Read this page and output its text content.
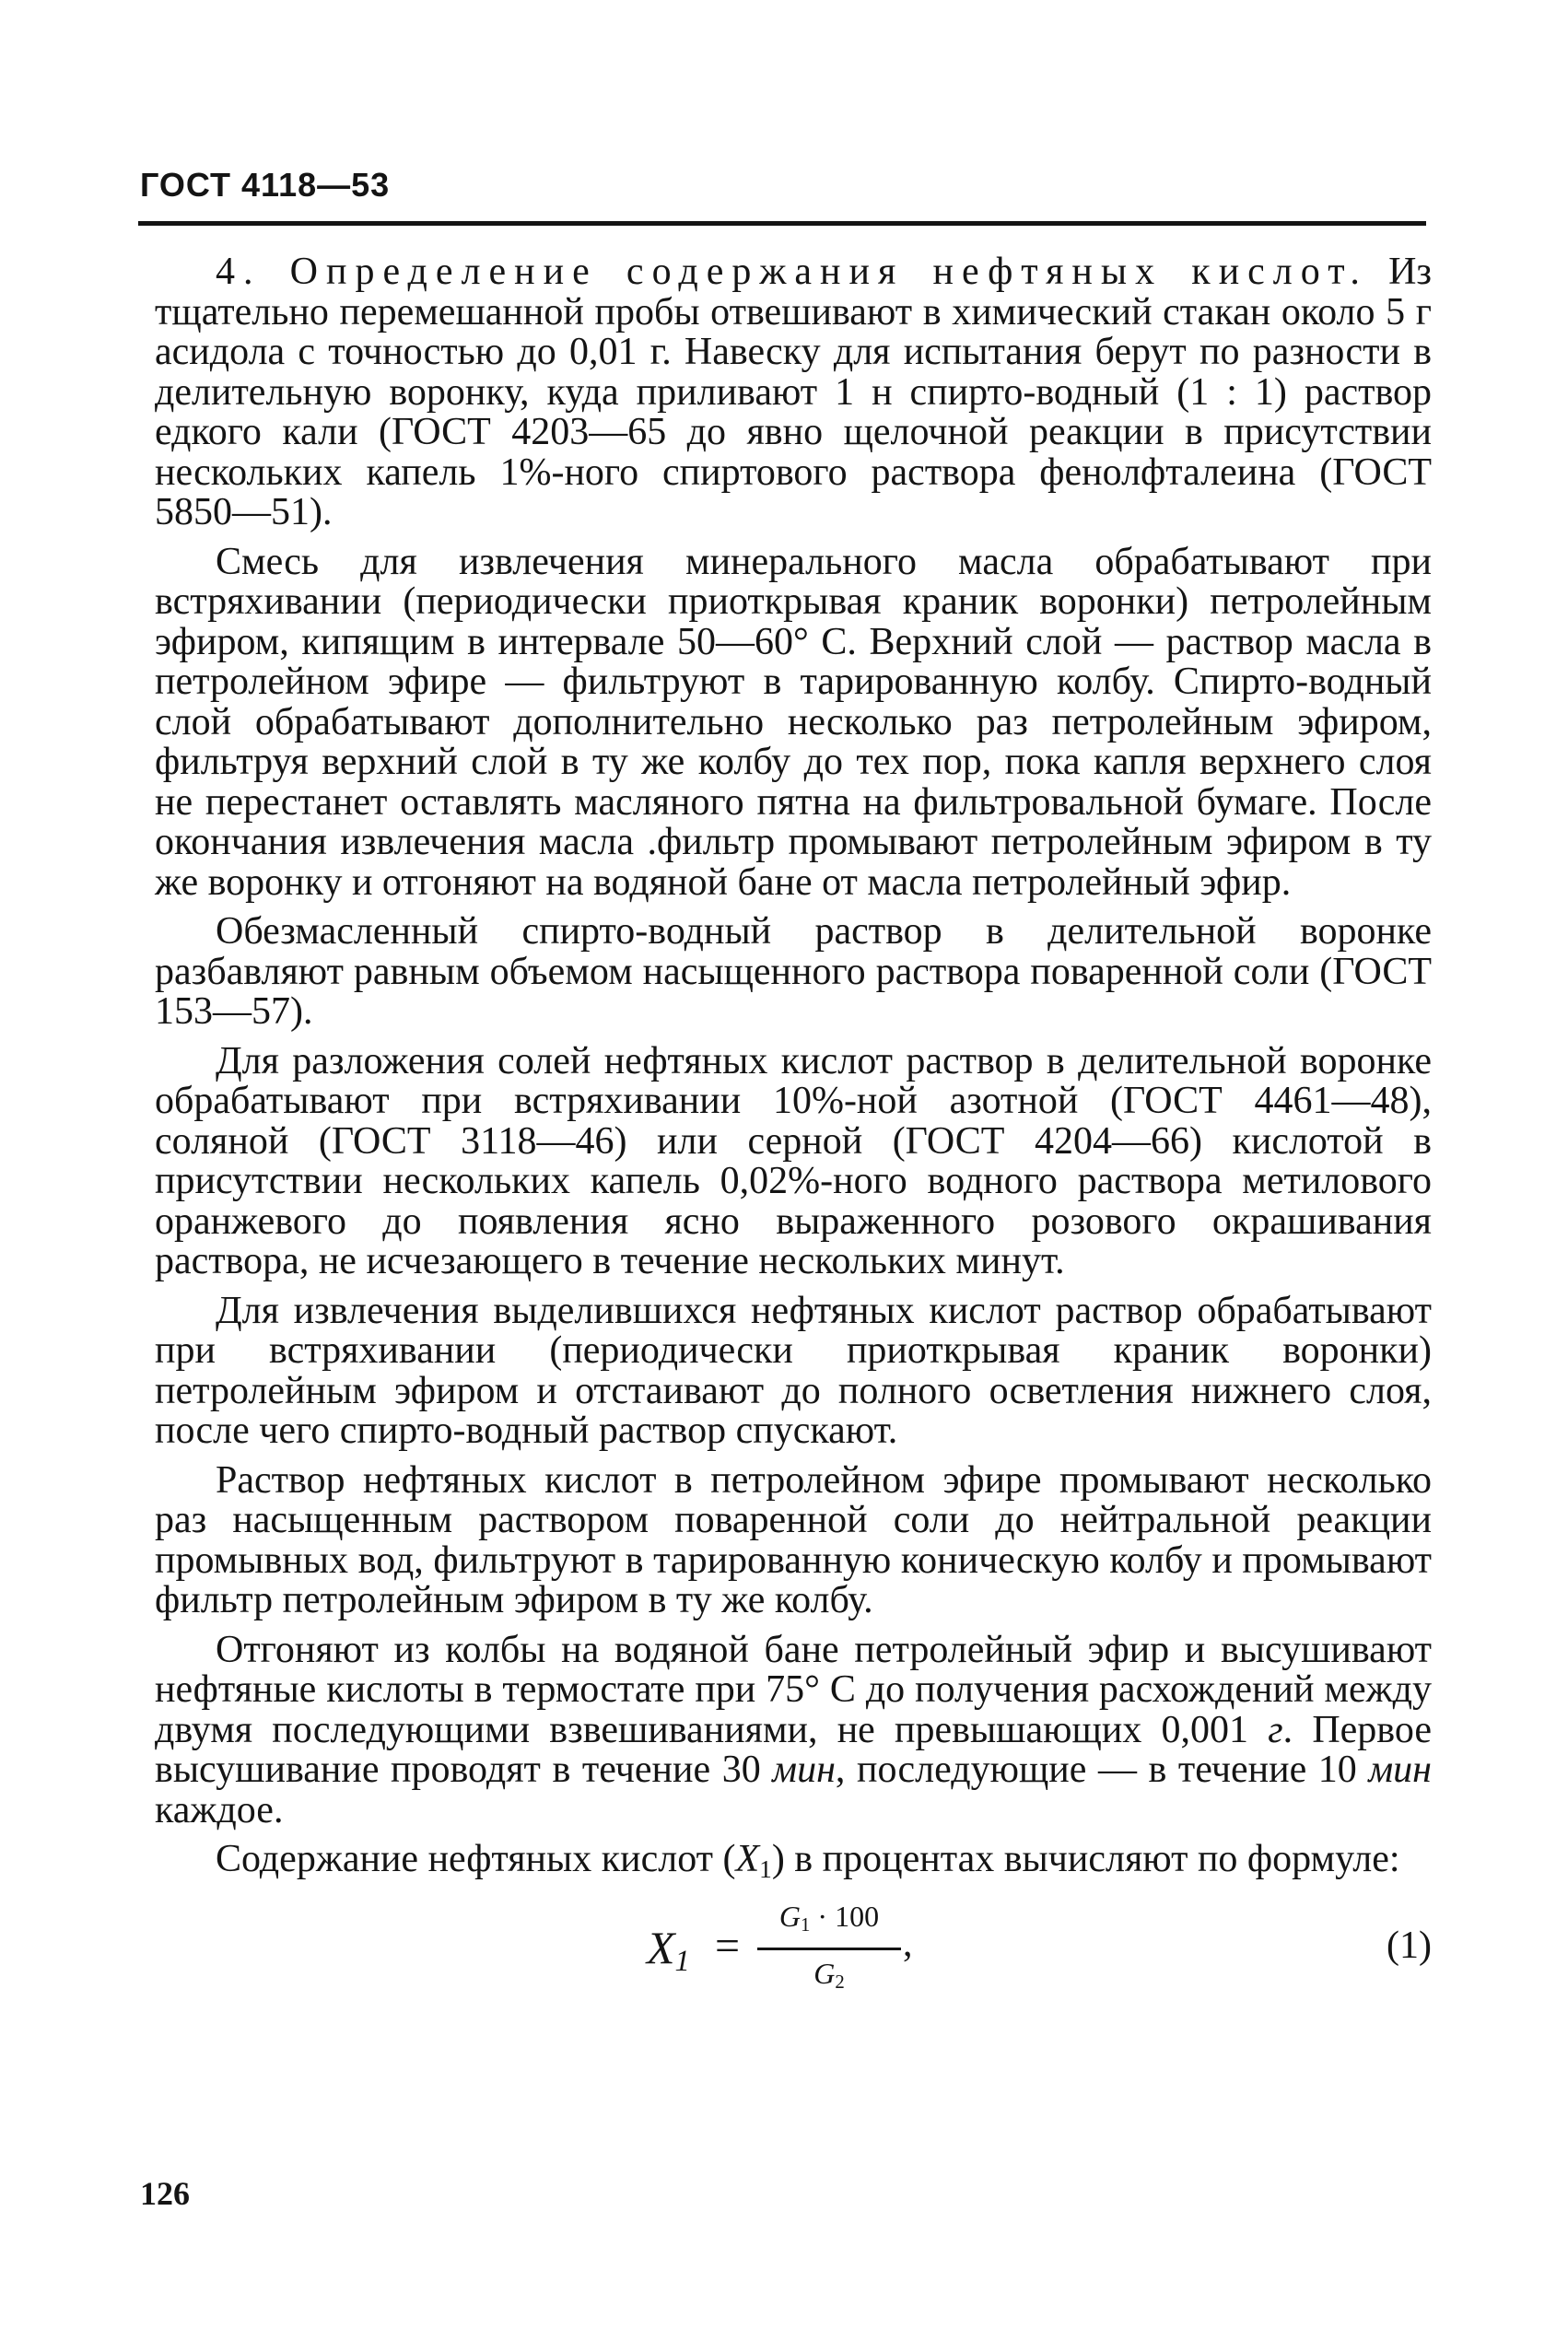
ГОСТ 4118—53

4. Определение содержания нефтяных кислот. Из тщательно перемешанной пробы отвешивают в химический стакан около 5 г асидола с точностью до 0,01 г. Навеску для испытания берут по разности в делительную воронку, куда приливают 1 н спирто-водный (1 : 1) раствор едкого кали (ГОСТ 4203—65 до явно щелочной реакции в присутствии нескольких капель 1%-ного спиртового раствора фенолфталеина (ГОСТ 5850—51).

Смесь для извлечения минерального масла обрабатывают при встряхивании (периодически приоткрывая краник воронки) петролейным эфиром, кипящим в интервале 50—60° С. Верхний слой — раствор масла в петролейном эфире — фильтруют в тарированную колбу. Спирто-водный слой обрабатывают дополнительно несколько раз петролейным эфиром, фильтруя верхний слой в ту же колбу до тех пор, пока капля верхнего слоя не перестанет оставлять масляного пятна на фильтровальной бумаге. После окончания извлечения масла .фильтр промывают петролейным эфиром в ту же воронку и отгоняют на водяной бане от масла петролейный эфир.

Обезмасленный спирто-водный раствор в делительной воронке разбавляют равным объемом насыщенного раствора поваренной соли (ГОСТ 153—57).

Для разложения солей нефтяных кислот раствор в делительной воронке обрабатывают при встряхивании 10%-ной азотной (ГОСТ 4461—48), соляной (ГОСТ 3118—46) или серной (ГОСТ 4204—66) кислотой в присутствии нескольких капель 0,02%-ного водного раствора метилового оранжевого до появления ясно выраженного розового окрашивания раствора, не исчезающего в течение нескольких минут.

Для извлечения выделившихся нефтяных кислот раствор обрабатывают при встряхивании (периодически приоткрывая краник воронки) петролейным эфиром и отстаивают до полного осветления нижнего слоя, после чего спирто-водный раствор спускают.

Раствор нефтяных кислот в петролейном эфире промывают несколько раз насыщенным раствором поваренной соли до нейтральной реакции промывных вод, фильтруют в тарированную коническую колбу и промывают фильтр петролейным эфиром в ту же колбу.

Отгоняют из колбы на водяной бане петролейный эфир и высушивают нефтяные кислоты в термостате при 75° С до получения расхождений между двумя последующими взвешиваниями, не превышающих 0,001 г. Первое высушивание проводят в течение 30 мин, последующие — в течение 10 мин каждое.

Содержание нефтяных кислот $(X_1)$ в процентах вычисляют по формуле:

$X_1$ =
$G_1 \cdot 100$
$G_2$
,	(1)
126
